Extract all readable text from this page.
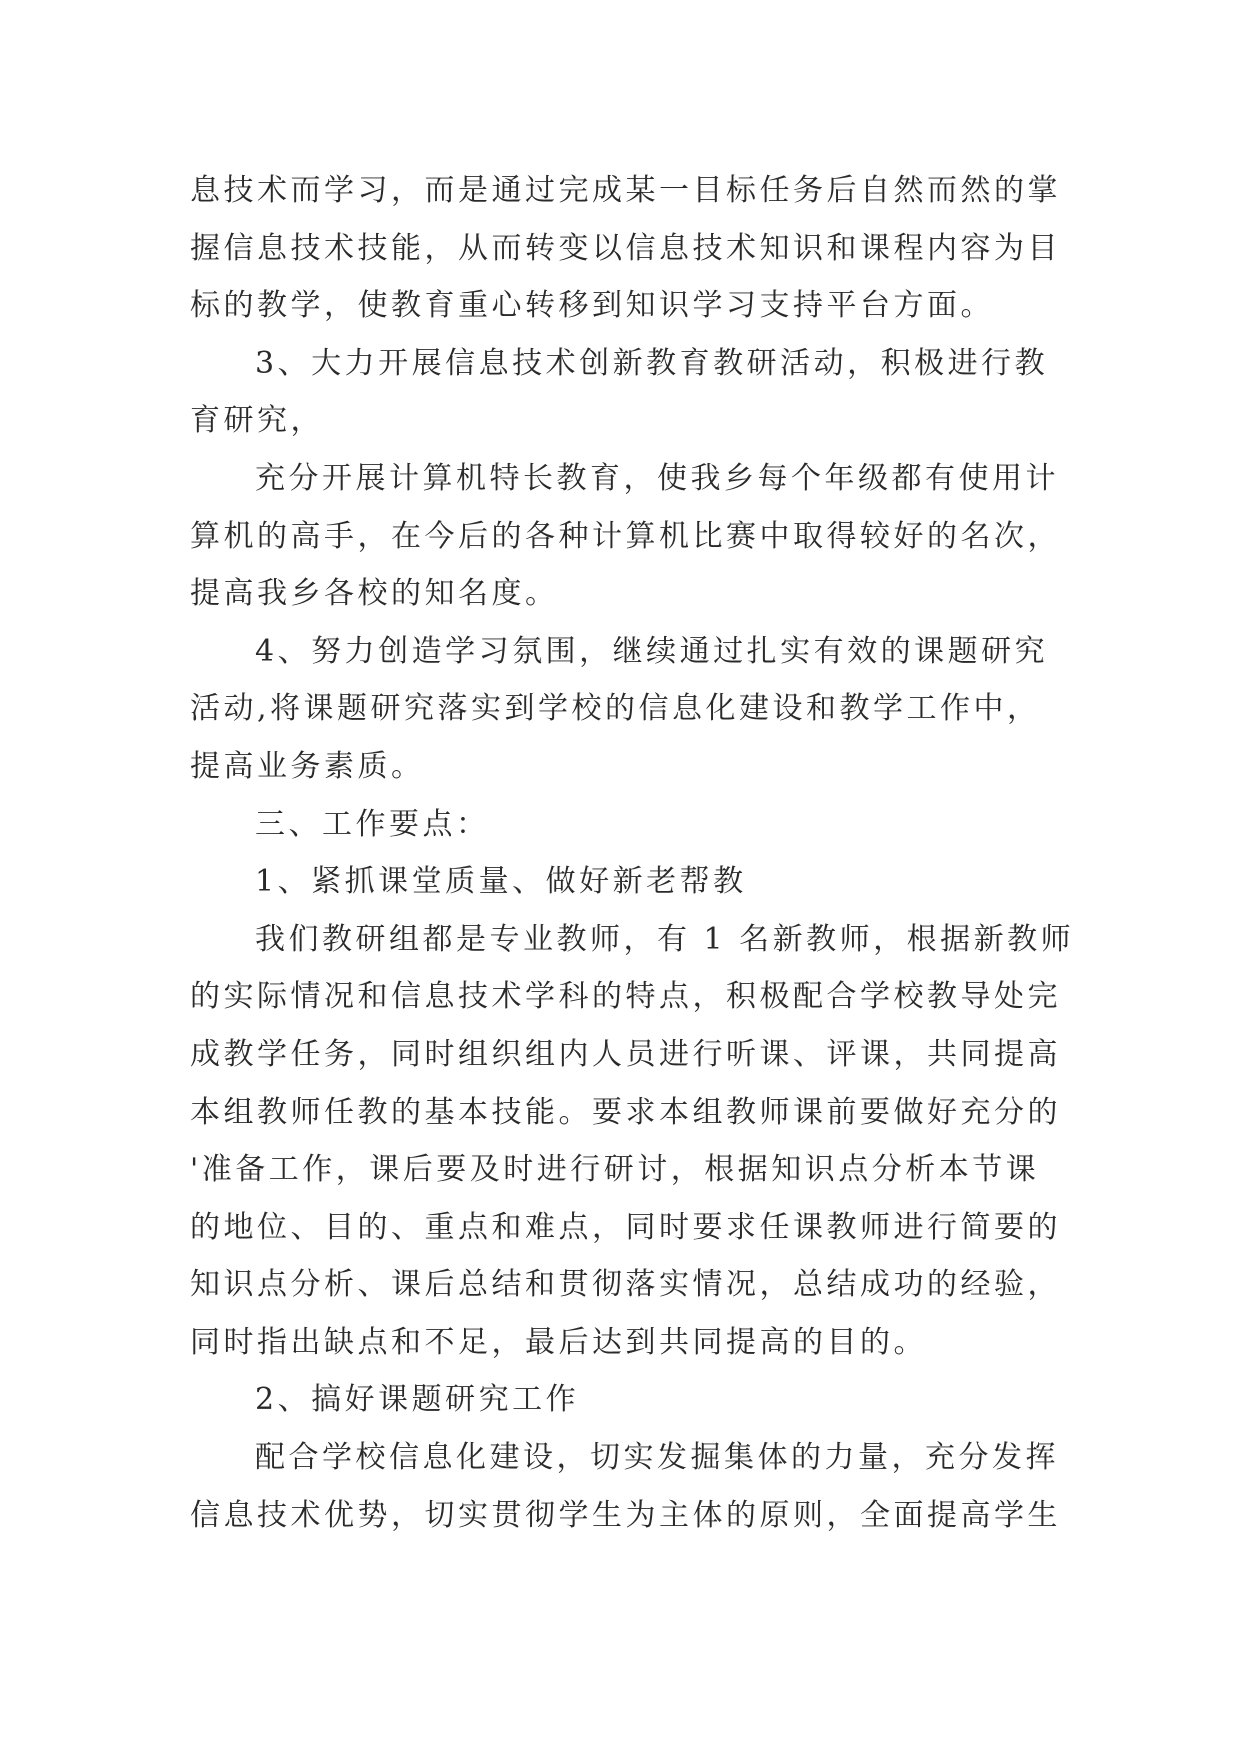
息技术而学习，而是通过完成某一目标任务后自然而然的掌
握信息技术技能，从而转变以信息技术知识和课程内容为目
标的教学，使教育重心转移到知识学习支持平台方面。
3、大力开展信息技术创新教育教研活动，积极进行教
育研究，
充分开展计算机特长教育，使我乡每个年级都有使用计
算机的高手，在今后的各种计算机比赛中取得较好的名次，
提高我乡各校的知名度。
4、努力创造学习氛围，继续通过扎实有效的课题研究
活动,将课题研究落实到学校的信息化建设和教学工作中，
提高业务素质。
三、工作要点：
1、紧抓课堂质量、做好新老帮教
我们教研组都是专业教师，有 1 名新教师，根据新教师
的实际情况和信息技术学科的特点，积极配合学校教导处完
成教学任务，同时组织组内人员进行听课、评课，共同提高
本组教师任教的基本技能。要求本组教师课前要做好充分的
'准备工作，课后要及时进行研讨，根据知识点分析本节课
的地位、目的、重点和难点，同时要求任课教师进行简要的
知识点分析、课后总结和贯彻落实情况，总结成功的经验，
同时指出缺点和不足，最后达到共同提高的目的。
2、搞好课题研究工作
配合学校信息化建设，切实发掘集体的力量，充分发挥
信息技术优势，切实贯彻学生为主体的原则，全面提高学生
